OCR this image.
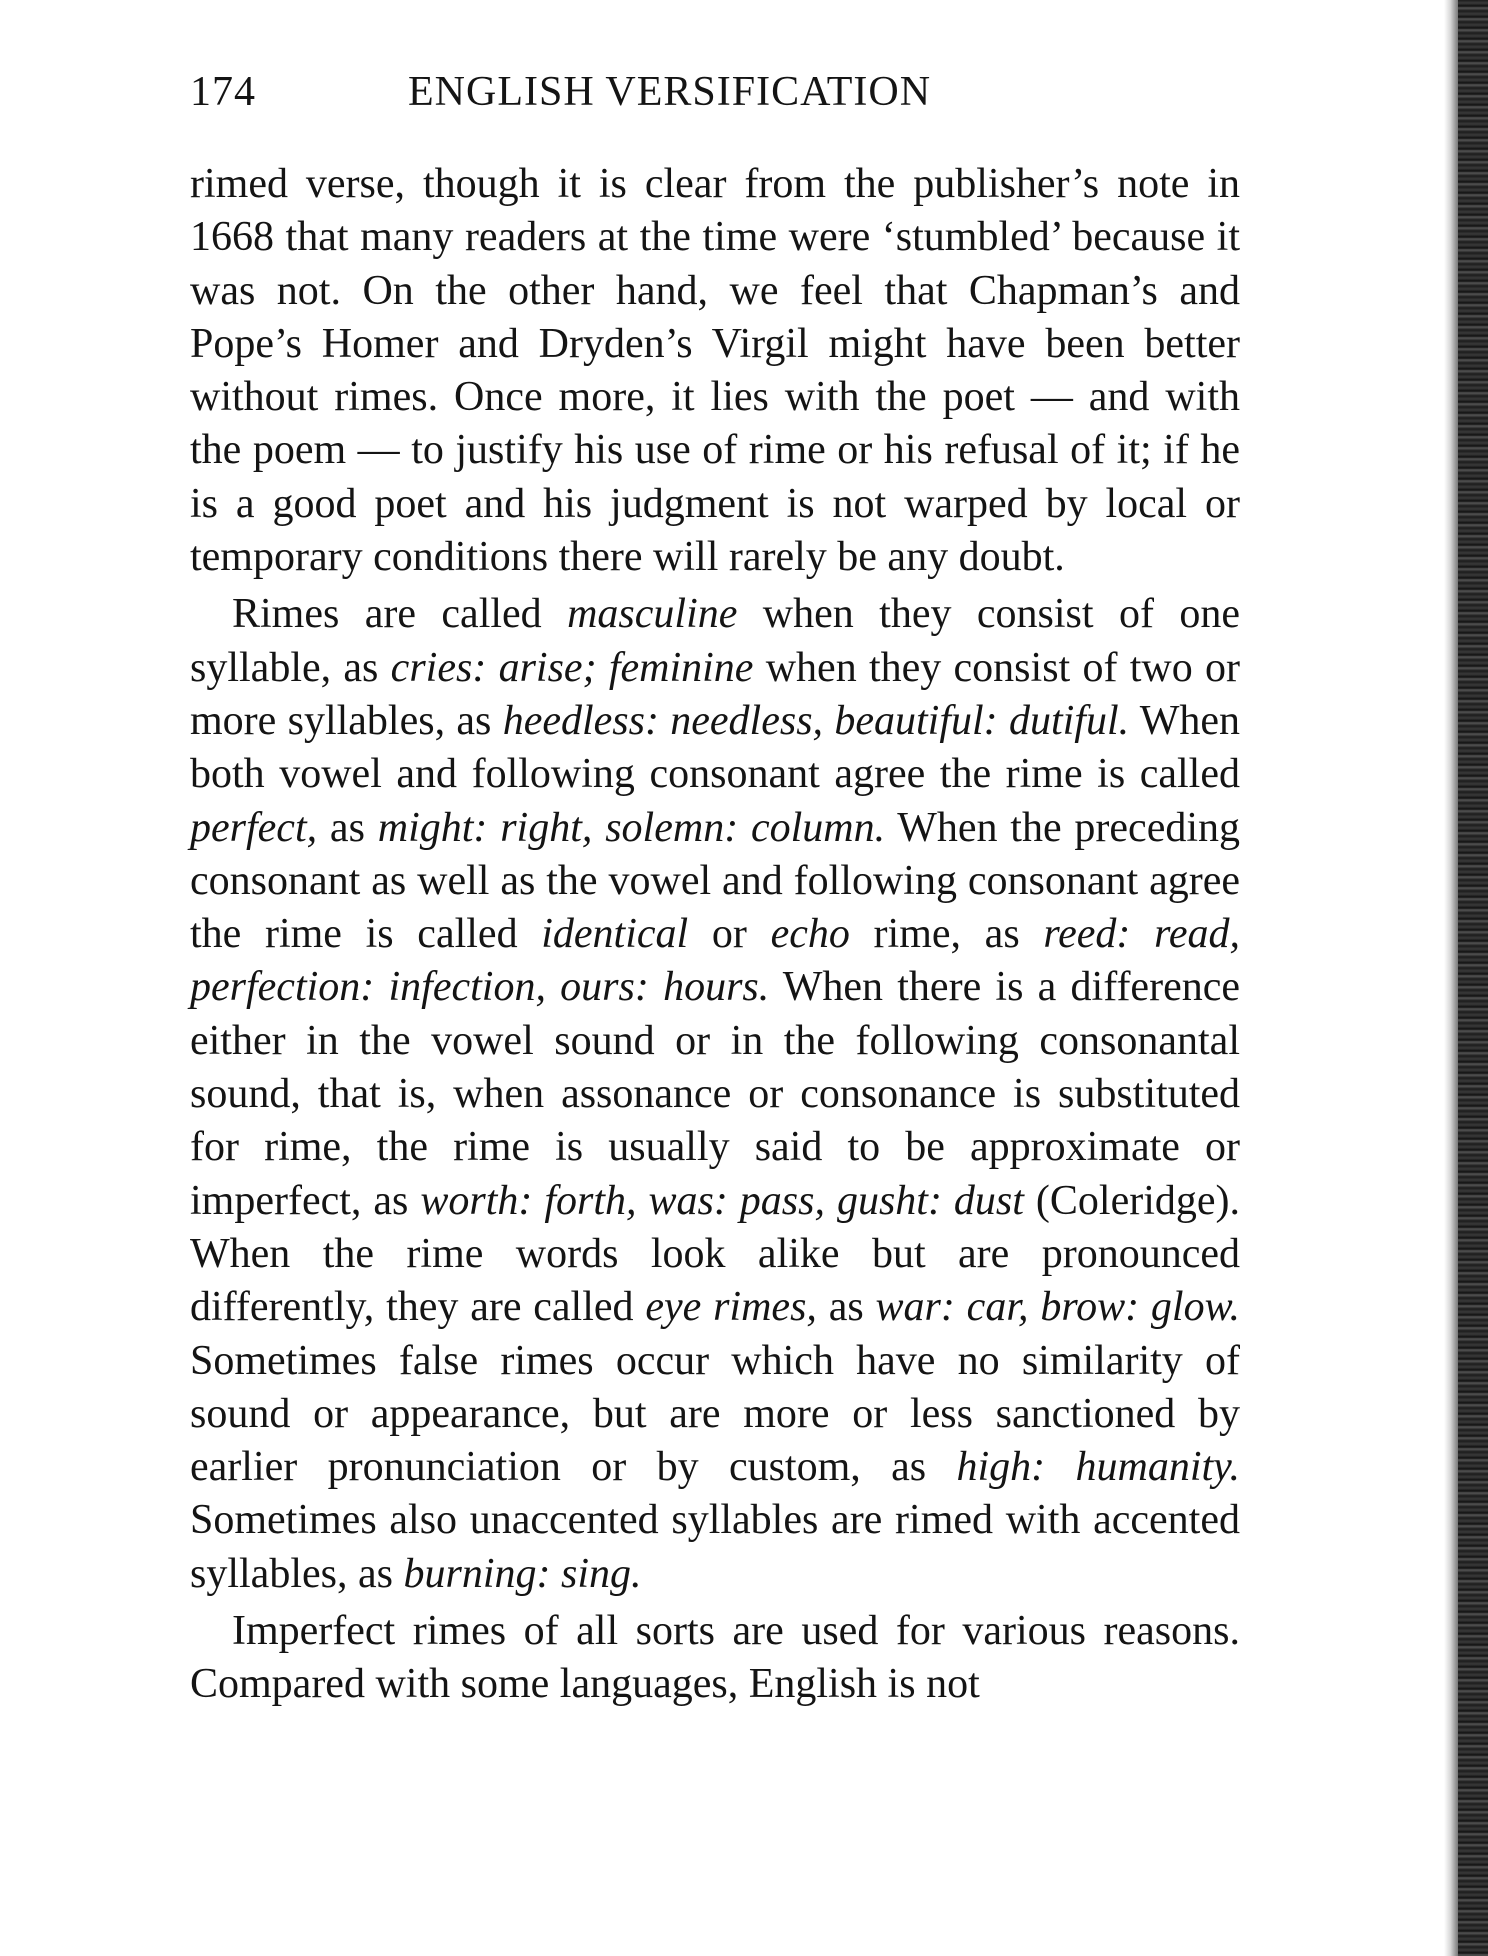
174	ENGLISH VERSIFICATION

rimed verse, though it is clear from the publisher’s note in 1668 that many readers at the time were ‘stumbled’ because it was not. On the other hand, we feel that Chapman’s and Pope’s Homer and Dryden’s Virgil might have been better without rimes. Once more, it lies with the poet — and with the poem — to justify his use of rime or his refusal of it; if he is a good poet and his judgment is not warped by local or temporary conditions there will rarely be any doubt.

Rimes are called masculine when they consist of one syllable, as cries: arise; feminine when they consist of two or more syllables, as heedless: needless, beautiful: dutiful. When both vowel and following consonant agree the rime is called perfect, as might: right, solemn: column. When the preceding consonant as well as the vowel and following consonant agree the rime is called identical or echo rime, as reed: read, perfection: infection, ours: hours. When there is a difference either in the vowel sound or in the following consonantal sound, that is, when assonance or consonance is substituted for rime, the rime is usually said to be approximate or imperfect, as worth: forth, was: pass, gusht: dust (Coleridge). When the rime words look alike but are pronounced differently, they are called eye rimes, as war: car, brow: glow. Sometimes false rimes occur which have no similarity of sound or appearance, but are more or less sanctioned by earlier pronunciation or by custom, as high: humanity. Sometimes also unaccented syllables are rimed with accented syllables, as burning: sing.

Imperfect rimes of all sorts are used for various reasons. Compared with some languages, English is not
